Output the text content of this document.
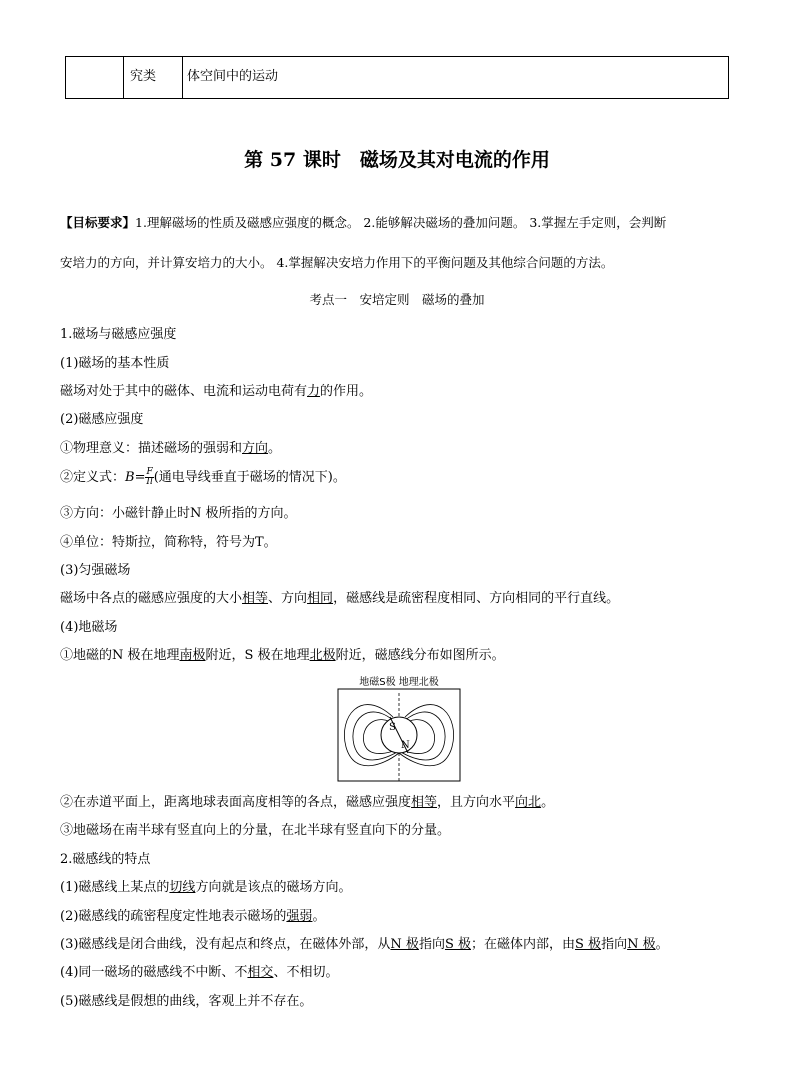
究类 体空间中的运动
第 57 课时　磁场及其对电流的作用
【目标要求】1.理解磁场的性质及磁感应强度的概念。 2.能够解决磁场的叠加问题。 3.掌握左手定则，会判断
安培力的方向，并计算安培力的大小。 4.掌握解决安培力作用下的平衡问题及其他综合问题的方法。
考点一　安培定则　磁场的叠加
1.磁场与磁感应强度
(1)磁场的基本性质
磁场对处于其中的磁体、电流和运动电荷有力的作用。
(2)磁感应强度
①物理意义：描述磁场的强弱和方向。
②定义式：$B= \frac{F}{Il}$ (通电导线垂直于磁场的情况下)。
③方向：小磁针静止时N 极所指的方向。
④单位：特斯拉，简称特，符号为T。
(3)匀强磁场
磁场中各点的磁感应强度的大小相等、方向相同，磁感线是疏密程度相同、方向相同的平行直线。
(4)地磁场
①地磁的N 极在地理南极附近，S 极在地理北极附近，磁感线分布如图所示。
地磁S极 地理北极
S
N
②在赤道平面上，距离地球表面高度相等的各点，磁感应强度相等，且方向水平向北。
③地磁场在南半球有竖直向上的分量，在北半球有竖直向下的分量。
2.磁感线的特点
(1)磁感线上某点的切线方向就是该点的磁场方向。
(2)磁感线的疏密程度定性地表示磁场的强弱。
(3)磁感线是闭合曲线，没有起点和终点，在磁体外部，从N 极指向S 极；在磁体内部，由S 极指向N 极。
(4)同一磁场的磁感线不中断、不相交、不相切。
(5)磁感线是假想的曲线，客观上并不存在。
